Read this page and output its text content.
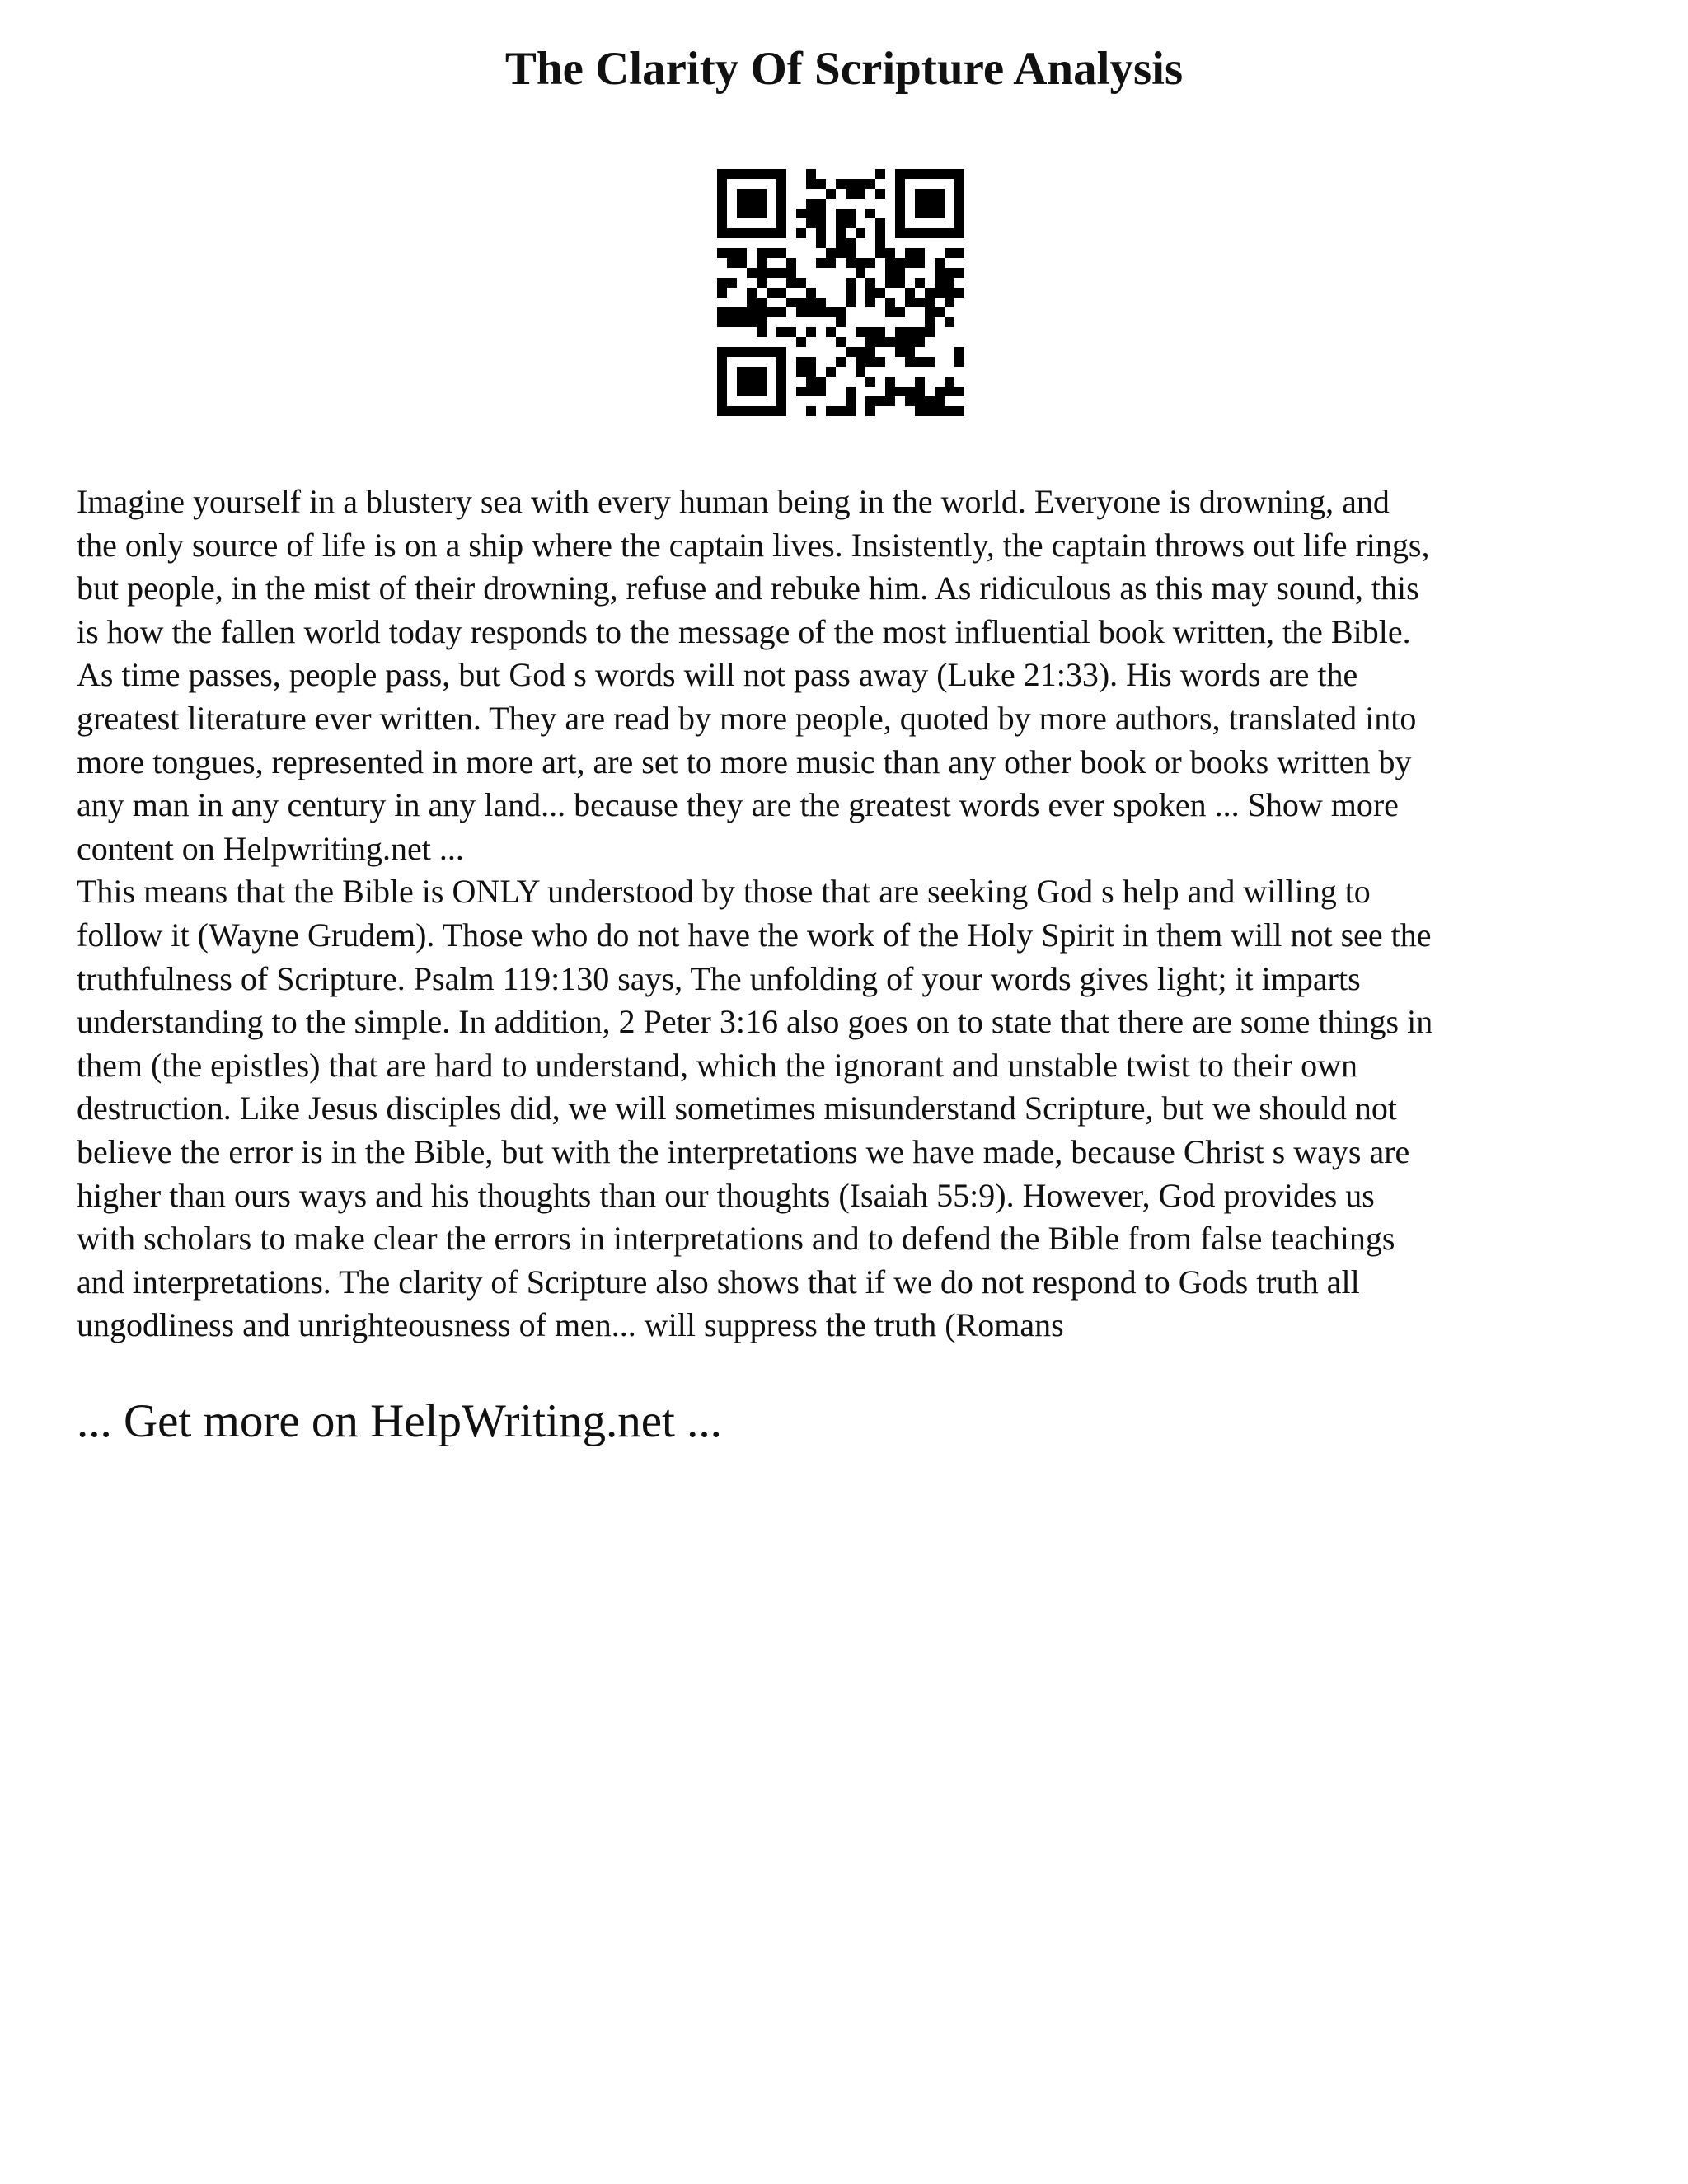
The Clarity Of Scripture Analysis

Imagine yourself in a blustery sea with every human being in the world. Everyone is drowning, and
the only source of life is on a ship where the captain lives. Insistently, the captain throws out life rings,
but people, in the mist of their drowning, refuse and rebuke him. As ridiculous as this may sound, this
is how the fallen world today responds to the message of the most influential book written, the Bible.
As time passes, people pass, but God s words will not pass away (Luke 21:33). His words are the
greatest literature ever written. They are read by more people, quoted by more authors, translated into
more tongues, represented in more art, are set to more music than any other book or books written by
any man in any century in any land... because they are the greatest words ever spoken ... Show more
content on Helpwriting.net ...

This means that the Bible is ONLY understood by those that are seeking God s help and willing to
follow it (Wayne Grudem). Those who do not have the work of the Holy Spirit in them will not see the
truthfulness of Scripture. Psalm 119:130 says, The unfolding of your words gives light; it imparts
understanding to the simple. In addition, 2 Peter 3:16 also goes on to state that there are some things in
them (the epistles) that are hard to understand, which the ignorant and unstable twist to their own
destruction. Like Jesus disciples did, we will sometimes misunderstand Scripture, but we should not
believe the error is in the Bible, but with the interpretations we have made, because Christ s ways are
higher than ours ways and his thoughts than our thoughts (Isaiah 55:9). However, God provides us
with scholars to make clear the errors in interpretations and to defend the Bible from false teachings
and interpretations. The clarity of Scripture also shows that if we do not respond to Gods truth all
ungodliness and unrighteousness of men... will suppress the truth (Romans

... Get more on HelpWriting.net ...
